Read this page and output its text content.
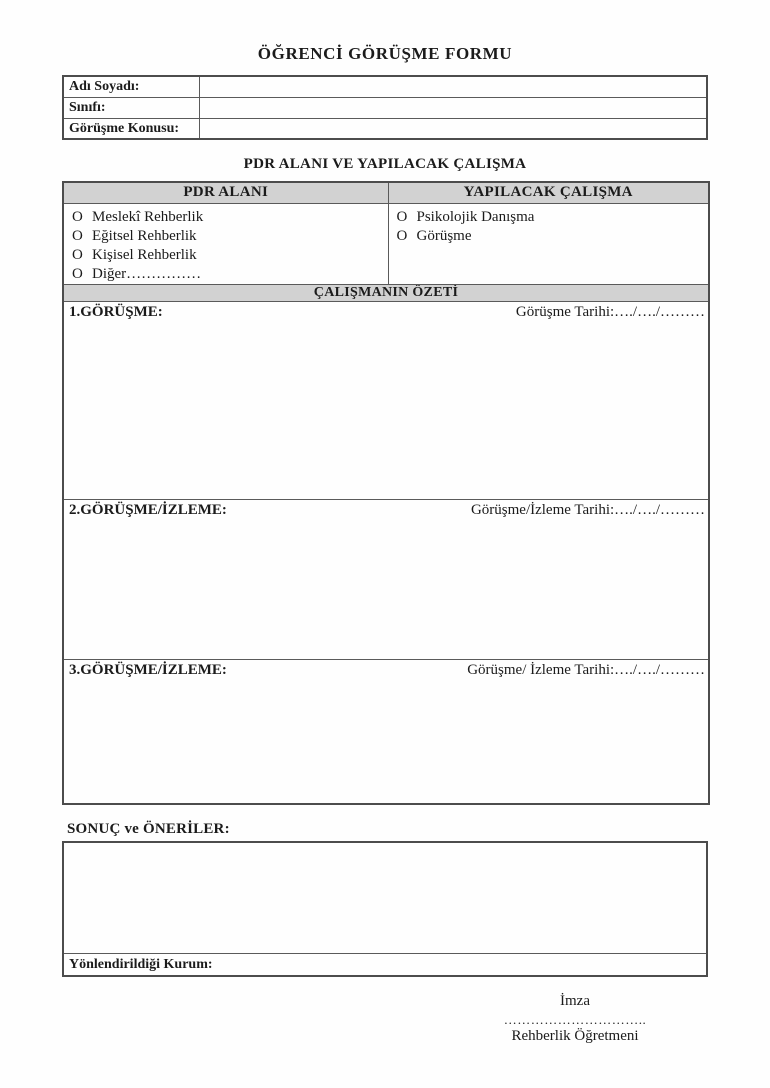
ÖĞRENCİ GÖRÜŞME FORMU
Adı Soyadı:	
Sınıfı:	
Görüşme Konusu:	
PDR ALANI VE YAPILACAK ÇALIŞMA
PDR ALANI	YAPILACAK ÇALIŞMA

O Meslekî Rehberlik
O Eğitsel Rehberlik
O Kişisel Rehberlik
O Diğer……………

O Psikolojik Danışma
O Görüşme

ÇALIŞMANIN ÖZETİ	

1.GÖRÜŞME: Görüşme Tarihi:…./…./………	

2.GÖRÜŞME/İZLEME: Görüşme/İzleme Tarihi:…./…./………	

3.GÖRÜŞME/İZLEME: Görüşme/ İzleme Tarihi:…./…./………	
SONUÇ ve ÖNERİLER:
Yönlendirildiği Kurum:
İmza
…………………………..
Rehberlik Öğretmeni
